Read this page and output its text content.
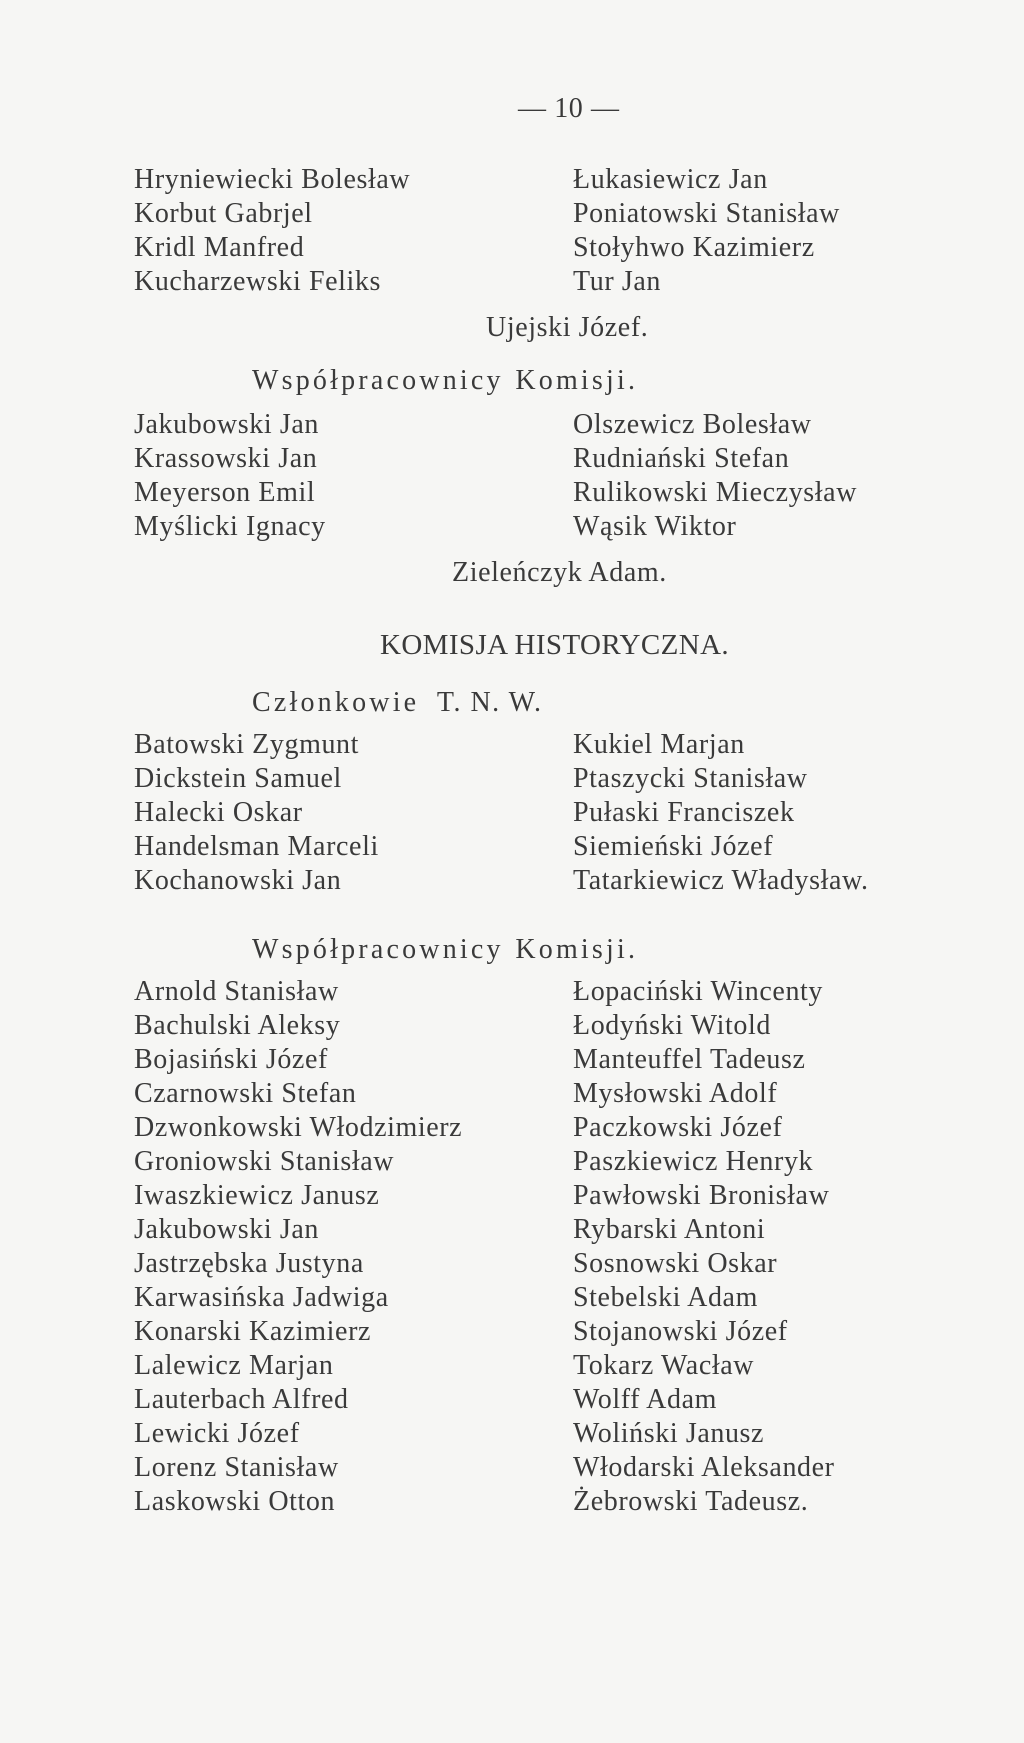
— 10 —
Hryniewiecki Bolesław
Korbut Gabrjel
Kridl Manfred
Kucharzewski Feliks
Łukasiewicz Jan
Poniatowski Stanisław
Stołyhwo Kazimierz
Tur Jan
Ujejski Józef.
Współpracownicy Komisji.
Jakubowski Jan
Krassowski Jan
Meyerson Emil
Myślicki Ignacy
Olszewicz Bolesław
Rudniański Stefan
Rulikowski Mieczysław
Wąsik Wiktor
Zieleńczyk Adam.
KOMISJA HISTORYCZNA.
Członkowie T. N. W.
Batowski Zygmunt
Dickstein Samuel
Halecki Oskar
Handelsman Marceli
Kochanowski Jan
Kukiel Marjan
Ptaszycki Stanisław
Pułaski Franciszek
Siemieński Józef
Tatarkiewicz Władysław.
Współpracownicy Komisji.
Arnold Stanisław
Bachulski Aleksy
Bojasiński Józef
Czarnowski Stefan
Dzwonkowski Włodzimierz
Groniowski Stanisław
Iwaszkiewicz Janusz
Jakubowski Jan
Jastrzębska Justyna
Karwasińska Jadwiga
Konarski Kazimierz
Lalewicz Marjan
Lauterbach Alfred
Lewicki Józef
Lorenz Stanisław
Laskowski Otton
Łopaciński Wincenty
Łodyński Witold
Manteuffel Tadeusz
Mysłowski Adolf
Paczkowski Józef
Paszkiewicz Henryk
Pawłowski Bronisław
Rybarski Antoni
Sosnowski Oskar
Stebelski Adam
Stojanowski Józef
Tokarz Wacław
Wolff Adam
Woliński Janusz
Włodarski Aleksander
Żebrowski Tadeusz.
